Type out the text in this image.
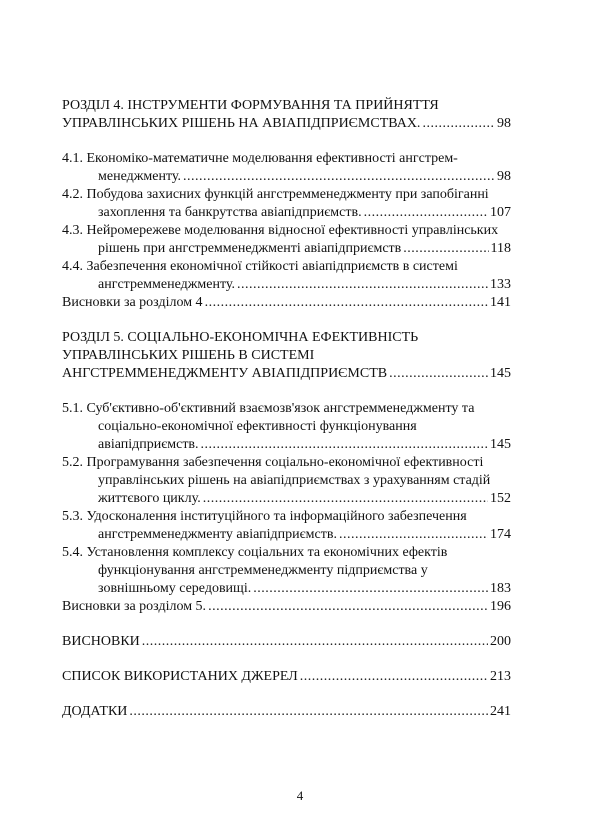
РОЗДІЛ 4. ІНСТРУМЕНТИ ФОРМУВАННЯ ТА ПРИЙНЯТТЯ
УПРАВЛІНСЬКИХ РІШЕНЬ НА АВІАПІДПРИЄМСТВАХ. .....	98
4.1. Економіко-математичне моделювання ефективності ангстрем-
менеджменту. .....	98
4.2. Побудова захисних функцій ангстремменеджменту при запобіганні
захоплення та банкрутства авіапідприємств. .....	107
4.3. Нейромережеве моделювання відносної ефективності управлінських
рішень при ангстремменеджменті авіапідприємств .....	118
4.4. Забезпечення економічної стійкості авіапідприємств в системі
ангстремменеджменту. .....	133
Висновки за розділом 4 .....	141
РОЗДІЛ 5. СОЦІАЛЬНО-ЕКОНОМІЧНА ЕФЕКТИВНІСТЬ
УПРАВЛІНСЬКИХ РІШЕНЬ В СИСТЕМІ
АНГСТРЕММЕНЕДЖМЕНТУ АВІАПІДПРИЄМСТВ .....	145
5.1. Суб'єктивно-об'єктивний взаємозв'язок ангстремменеджменту та
соціально-економічної ефективності функціонування
авіапідприємств. .....	145
5.2. Програмування забезпечення соціально-економічної ефективності
управлінських рішень на авіапідприємствах з урахуванням стадій
життєвого циклу. .....	152
5.3. Удосконалення інституційного та інформаційного забезпечення
ангстремменеджменту авіапідприємств. .....	174
5.4. Установлення комплексу соціальних та економічних ефектів
функціонування ангстремменеджменту підприємства у
зовнішньому середовищі. .....	183
Висновки за розділом 5. .....	196
ВИСНОВКИ .....	200
СПИСОК ВИКОРИСТАНИХ ДЖЕРЕЛ .....	213
ДОДАТКИ .....	241
4
